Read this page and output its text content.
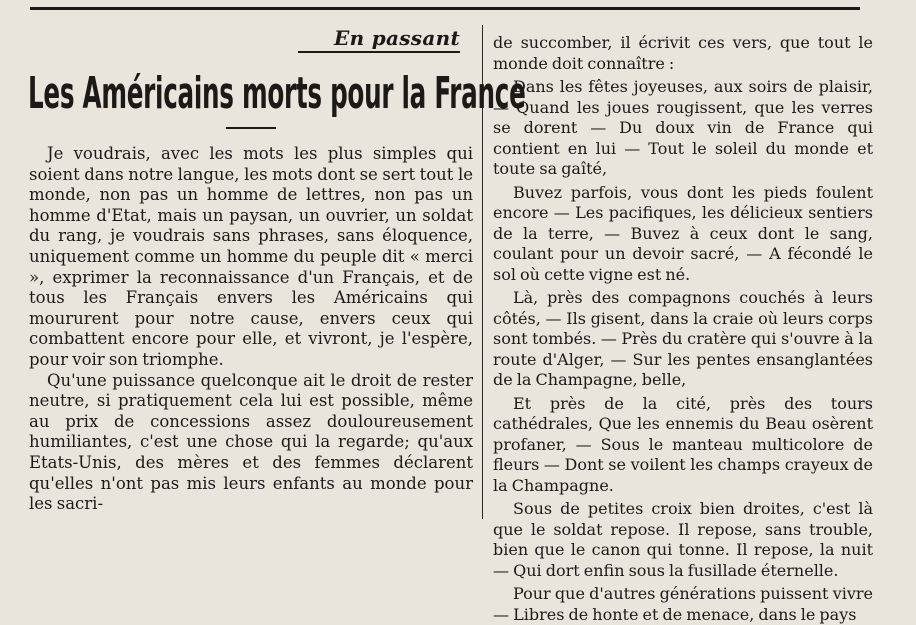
En passant
Les Américains morts pour la France

Je voudrais, avec les mots les plus simples qui soient dans notre langue, les mots dont se sert tout le monde, non pas un homme de lettres, non pas un homme d'Etat, mais un paysan, un ouvrier, un soldat du rang, je voudrais sans phrases, sans éloquence, uniquement comme un homme du peuple dit « merci », exprimer la reconnaissance d'un Français, et de tous les Français envers les Américains qui moururent pour notre cause, envers ceux qui combattent encore pour elle, et vivront, je l'espère, pour voir son triomphe.

Qu'une puissance quelconque ait le droit de rester neutre, si pratiquement cela lui est possible, même au prix de concessions assez douloureusement humiliantes, c'est une chose qui la regarde; qu'aux Etats-Unis, des mères et des femmes déclarent qu'elles n'ont pas mis leurs enfants au monde pour les sacri-

de succomber, il écrivit ces vers, que tout le monde doit connaître :

Dans les fêtes joyeuses, aux soirs de plaisir, — Quand les joues rougissent, que les verres se dorent — Du doux vin de France qui contient en lui — Tout le soleil du monde et toute sa gaîté,

Buvez parfois, vous dont les pieds foulent encore — Les pacifiques, les délicieux sentiers de la terre, — Buvez à ceux dont le sang, coulant pour un devoir sacré, — A fécondé le sol où cette vigne est né.

Là, près des compagnons couchés à leurs côtés, — Ils gisent, dans la craie où leurs corps sont tombés. — Près du cratère qui s'ouvre à la route d'Alger, — Sur les pentes ensanglantées de la Champagne, belle,

Et près de la cité, près des tours cathédrales, Que les ennemis du Beau osèrent profaner, — Sous le manteau multicolore de fleurs — Dont se voilent les champs crayeux de la Champagne.

Sous de petites croix bien droites, c'est là que le soldat repose. Il repose, sans trouble, bien que le canon qui tonne. Il repose, la nuit — Qui dort enfin sous la fusillade éternelle.

Pour que d'autres générations puissent vivre — Libres de honte et de menace, dans le pays
